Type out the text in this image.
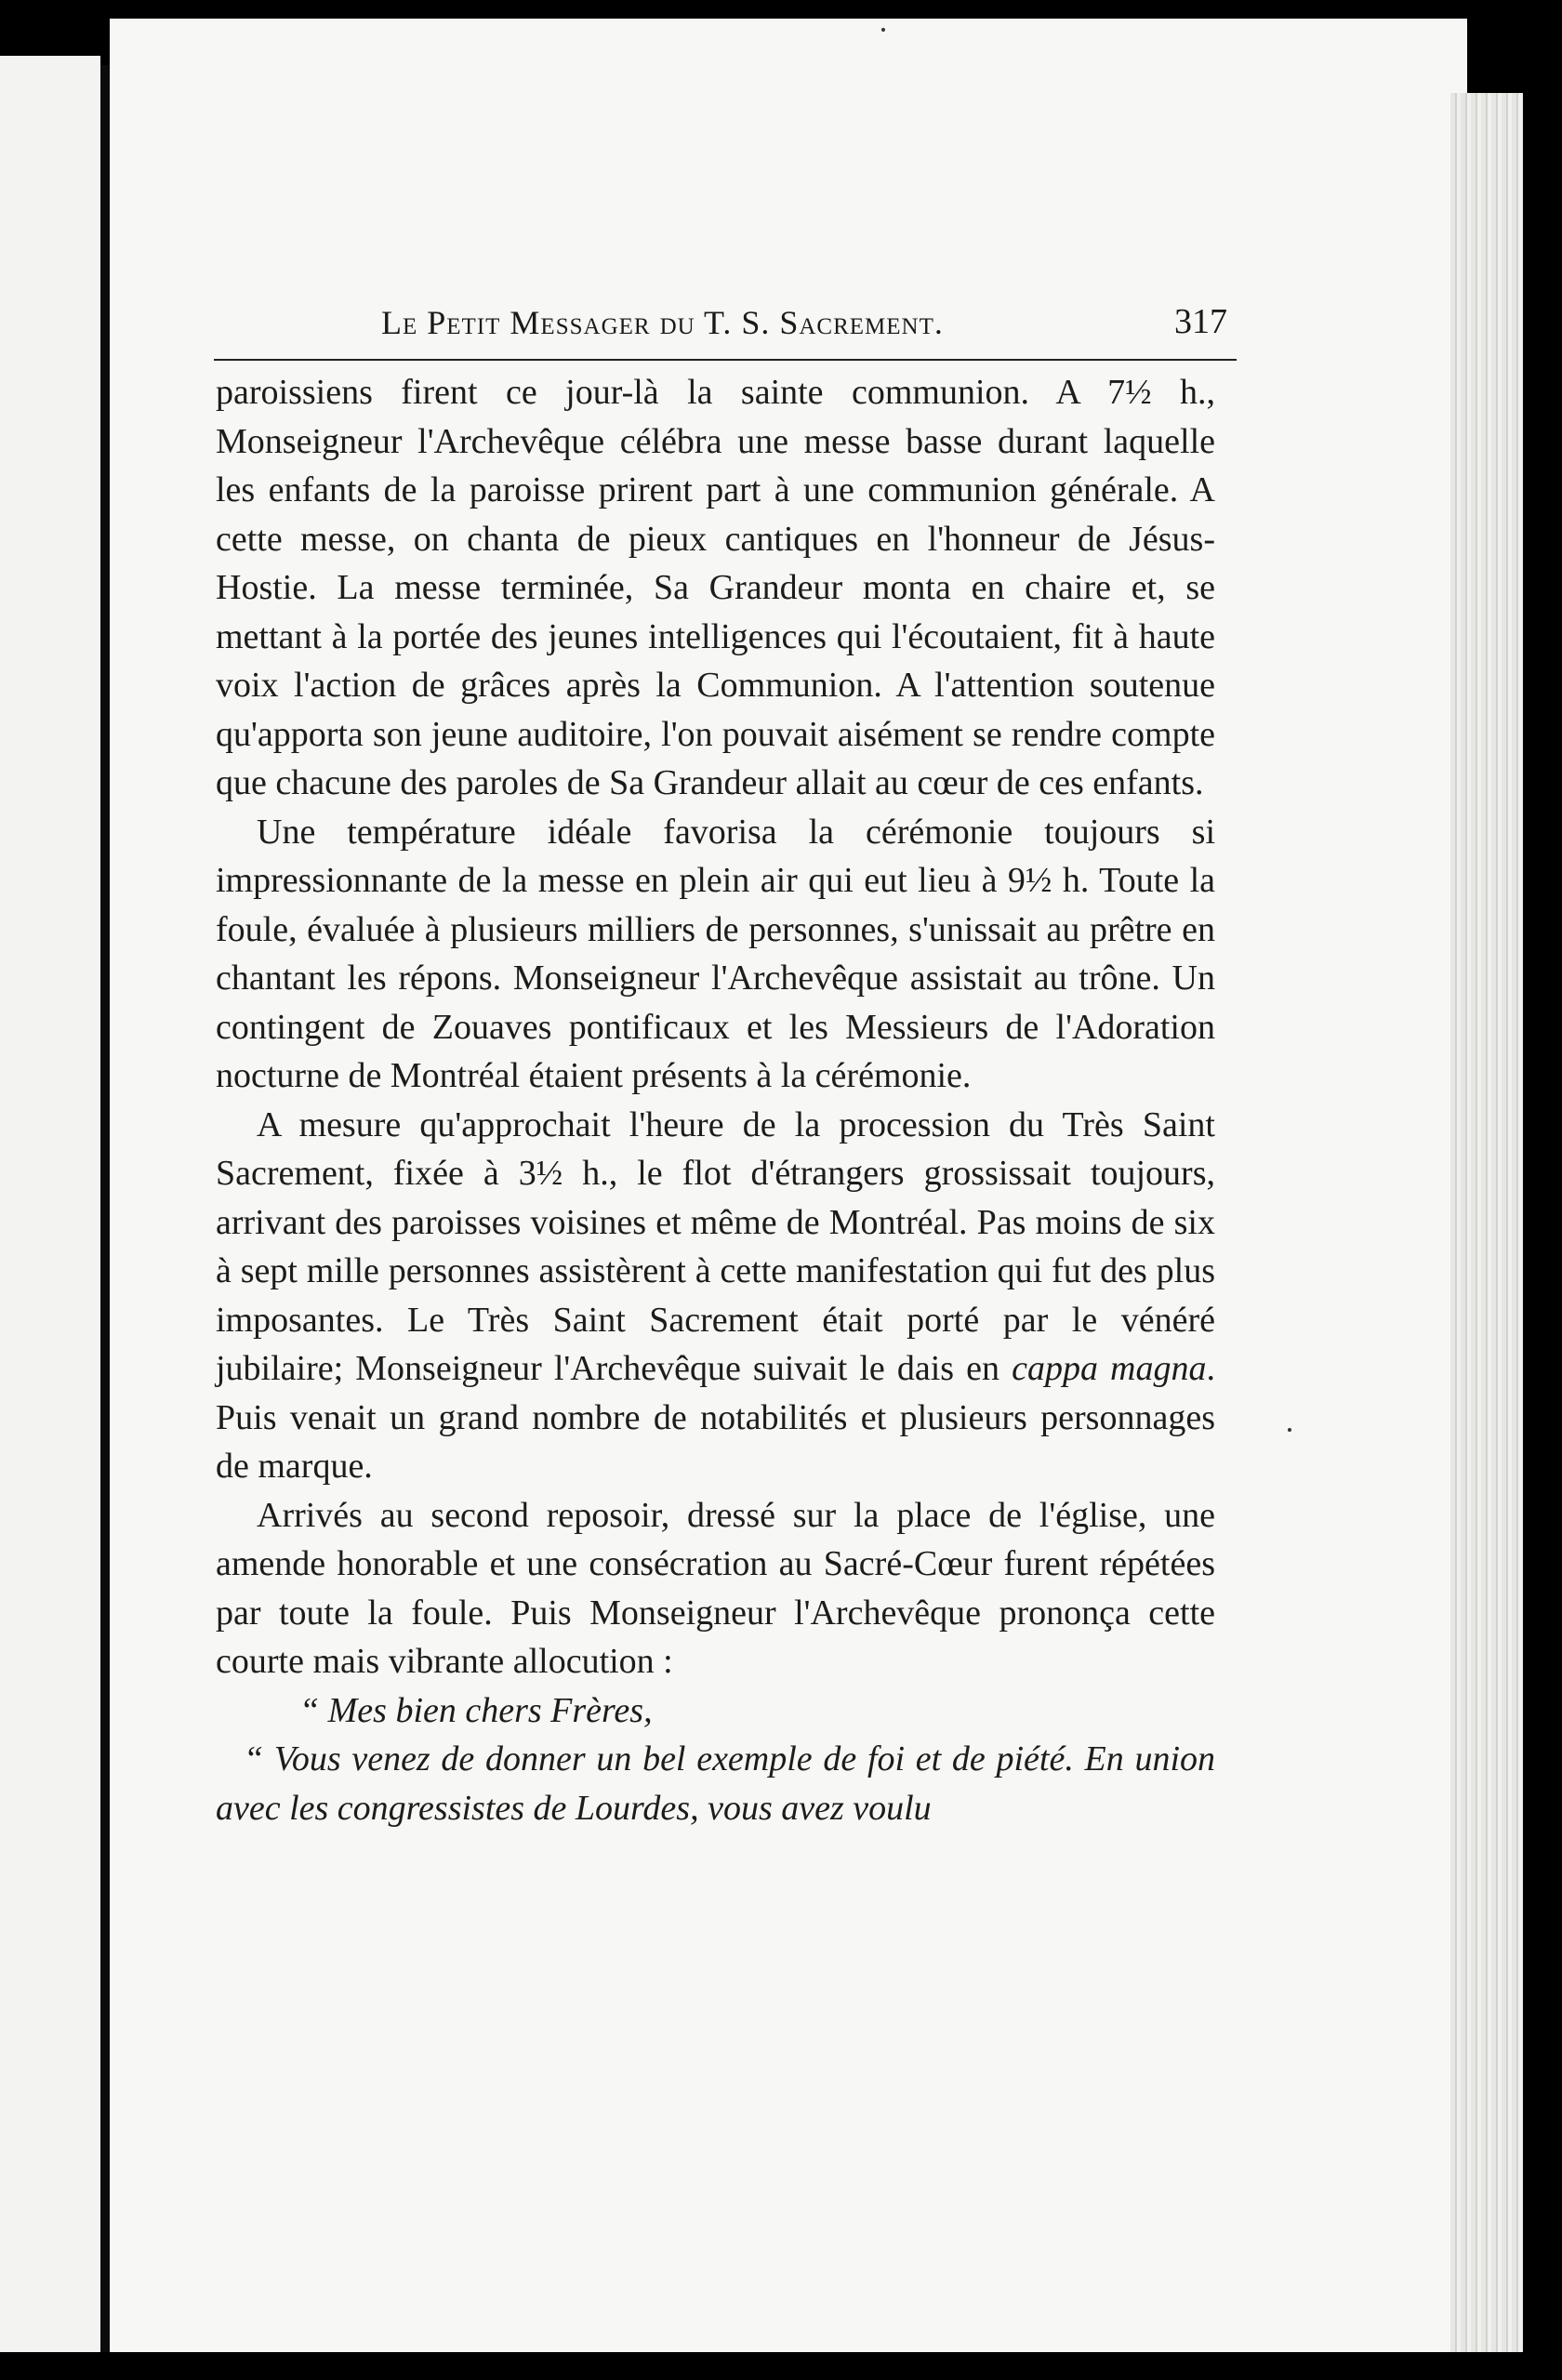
Le Petit Messager du T. S. Sacrement.	317

paroissiens firent ce jour-là la sainte communion. A 7½ h., Monseigneur l'Archevêque célébra une messe basse durant laquelle les enfants de la paroisse prirent part à une communion générale. A cette messe, on chanta de pieux cantiques en l'honneur de Jésus-Hostie. La messe terminée, Sa Grandeur monta en chaire et, se mettant à la portée des jeunes intelligences qui l'écoutaient, fit à haute voix l'action de grâces après la Communion. A l'attention soutenue qu'apporta son jeune auditoire, l'on pouvait aisément se rendre compte que chacune des paroles de Sa Grandeur allait au cœur de ces enfants.

Une température idéale favorisa la cérémonie toujours si impressionnante de la messe en plein air qui eut lieu à 9½ h. Toute la foule, évaluée à plusieurs milliers de personnes, s'unissait au prêtre en chantant les répons. Monseigneur l'Archevêque assistait au trône. Un contingent de Zouaves pontificaux et les Messieurs de l'Adoration nocturne de Montréal étaient présents à la cérémonie.

A mesure qu'approchait l'heure de la procession du Très Saint Sacrement, fixée à 3½ h., le flot d'étrangers grossissait toujours, arrivant des paroisses voisines et même de Montréal. Pas moins de six à sept mille personnes assistèrent à cette manifestation qui fut des plus imposantes. Le Très Saint Sacrement était porté par le vénéré jubilaire; Monseigneur l'Archevêque suivait le dais en cappa magna. Puis venait un grand nombre de notabilités et plusieurs personnages de marque.

Arrivés au second reposoir, dressé sur la place de l'église, une amende honorable et une consécration au Sacré-Cœur furent répétées par toute la foule. Puis Monseigneur l'Archevêque prononça cette courte mais vibrante allocution :

“ Mes bien chers Frères,

“ Vous venez de donner un bel exemple de foi et de piété. En union avec les congressistes de Lourdes, vous avez voulu
